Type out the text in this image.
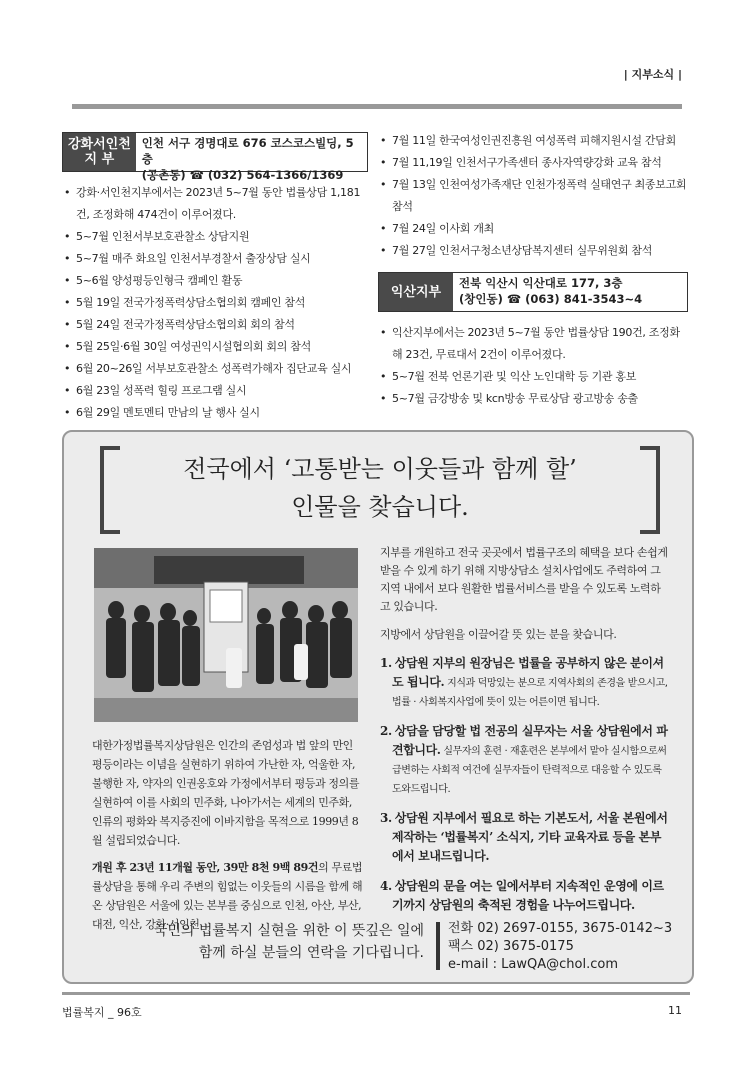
| 지부소식 |
강화서인천
지 부
인천 서구 경명대로 676 코스코스빌딩, 5층
(공촌동) ☎ (032) 564-1366/1369
• 강화·서인천지부에서는 2023년 5~7월 동안 법률상담 1,181건, 조정화해 474건이 이루어졌다.
• 5~7월 인천서부보호관찰소 상담지원
• 5~7월 매주 화요일 인천서부경찰서 출장상담 실시
• 5~6월 양성평등인형극 캠페인 활동
• 5월 19일 전국가정폭력상담소협의회 캠페인 참석
• 5월 24일 전국가정폭력상담소협의회 회의 참석
• 5월 25일·6월 30일 여성권익시설협의회 회의 참석
• 6월 20~26일 서부보호관찰소 성폭력가해자 집단교육 실시
• 6월 23일 성폭력 힐링 프로그램 실시
• 6월 29일 멘토멘티 만남의 날 행사 실시
• 7월 11일 한국여성인권진흥원 여성폭력 피해지원시설 간담회
• 7월 11,19일 인천서구가족센터 종사자역량강화 교육 참석
• 7월 13일 인천여성가족재단 인천가정폭력 실태연구 최종보고회 참석
• 7월 24일 이사회 개최
• 7월 27일 인천서구청소년상담복지센터 실무위원회 참석
익산지부
전북 익산시 익산대로 177, 3층
(창인동) ☎ (063) 841-3543~4
• 익산지부에서는 2023년 5~7월 동안 법률상담 190건, 조정화해 23건, 무료대서 2건이 이루어졌다.
• 5~7월 전북 언론기관 및 익산 노인대학 등 기관 홍보
• 5~7월 금강방송 및 kcn방송 무료상담 광고방송 송출
전국에서 ‘고통받는 이웃들과 함께 할’
인물을 찾습니다.

대한가정법률복지상담원은 인간의 존엄성과 법 앞의 만인 평등이라는 이념을 실현하기 위하여 가난한 자, 억울한 자, 불행한 자, 약자의 인권옹호와 가정에서부터 평등과 정의를 실현하여 이를 사회의 민주화, 나아가서는 세계의 민주화, 인류의 평화와 복지증진에 이바지함을 목적으로 1999년 8월 설립되었습니다.

개원 후 23년 11개월 동안, 39만 8천 9백 89건의 무료법률상담을 통해 우리 주변의 힘없는 이웃들의 시름을 함께 해온 상담원은 서울에 있는 본부를 중심으로 인천, 아산, 부산, 대전, 익산, 강화·서인천

지부를 개원하고 전국 곳곳에서 법률구조의 혜택을 보다 손쉽게 받을 수 있게 하기 위해 지방상담소 설치사업에도 주력하여 그 지역 내에서 보다 원활한 법률서비스를 받을 수 있도록 노력하고 있습니다.

지방에서 상담원을 이끌어갈 뜻 있는 분을 찾습니다.

1. 상담원 지부의 원장님은 법률을 공부하지 않은 분이셔도 됩니다. 지식과 덕망있는 분으로 지역사회의 존경을 받으시고, 법률 · 사회복지사업에 뜻이 있는 어른이면 됩니다.

2. 상담을 담당할 법 전공의 실무자는 서울 상담원에서 파견합니다. 실무자의 훈련 · 재훈련은 본부에서 맡아 실시함으로써 급변하는 사회적 여건에 실무자들이 탄력적으로 대응할 수 있도록 도와드립니다.

3. 상담원 지부에서 필요로 하는 기본도서, 서울 본원에서 제작하는 ‘법률복지’ 소식지, 기타 교육자료 등을 본부에서 보내드립니다.

4. 상담원의 문을 여는 일에서부터 지속적인 운영에 이르기까지 상담원의 축적된 경험을 나누어드립니다.

국민의 법률복지 실현을 위한 이 뜻깊은 일에
함께 하실 분들의 연락을 기다립니다.
전화 02) 2697-0155, 3675-0142~3
팩스 02) 3675-0175
e-mail : LawQA@chol.com
법률복지 _ 96호	11
